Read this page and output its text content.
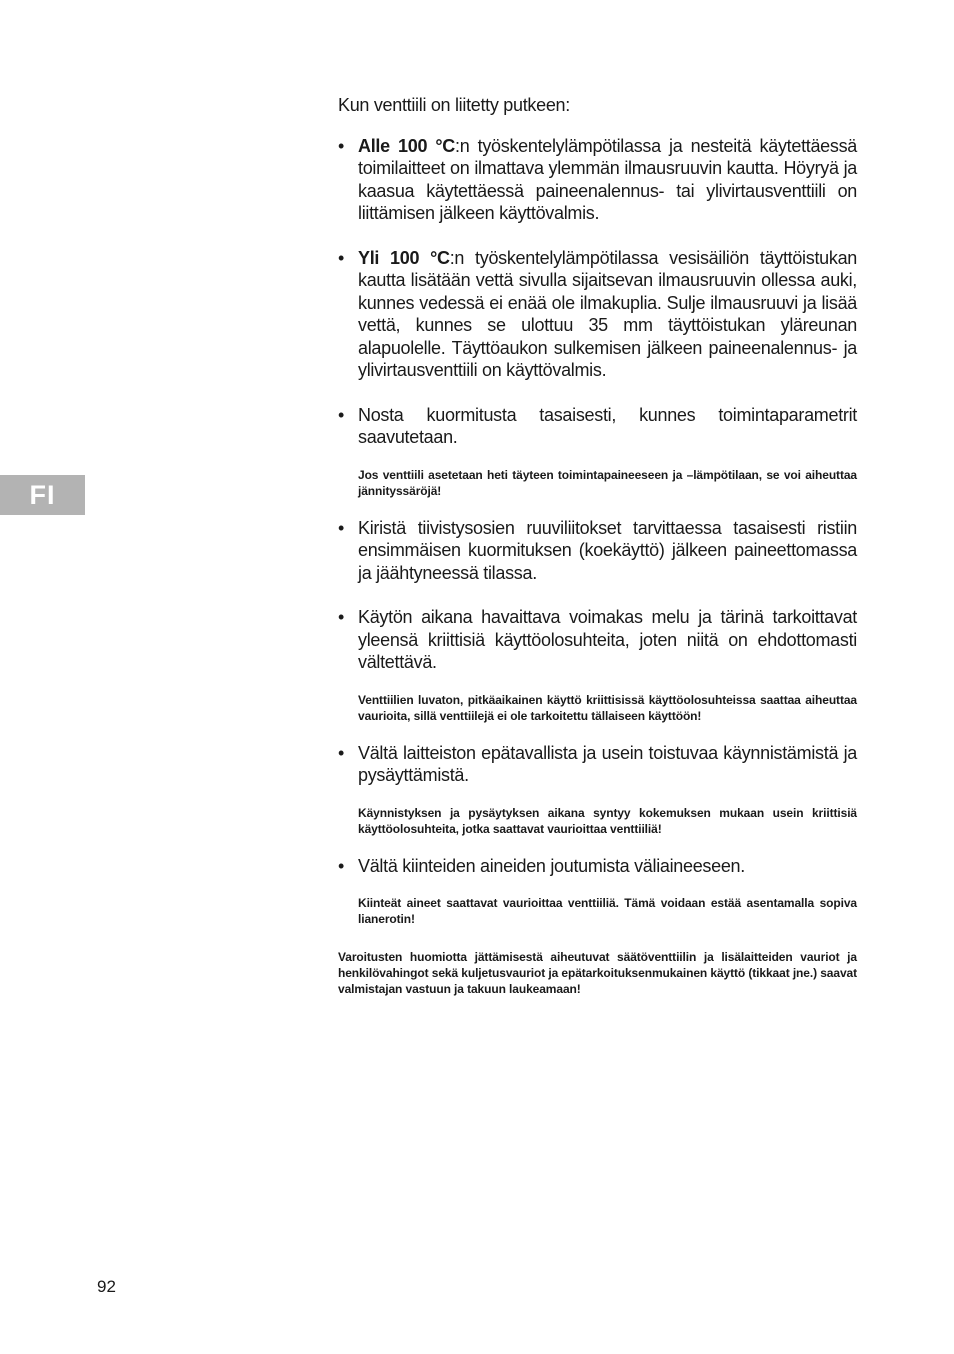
FI

Kun venttiili on liitetty putkeen:

• Alle 100 °C:n työskentelylämpötilassa ja nesteitä käytettäessä toimilaitteet on ilmattava ylemmän ilmausruuvin kautta. Höyryä ja kaasua käytettäessä paineenalennus- tai ylivirtausventtiili on liittämisen jälkeen käyttövalmis.
• Yli 100 °C:n työskentelylämpötilassa vesisäiliön täyttöistukan kautta lisätään vettä sivulla sijaitsevan ilmausruuvin ollessa auki, kunnes vedessä ei enää ole ilmakuplia. Sulje ilmausruuvi ja lisää vettä, kunnes se ulottuu 35 mm täyttöistukan yläreunan alapuolelle. Täyttöaukon sulkemisen jälkeen paineenalennus- ja ylivirtausventtiili on käyttövalmis.
• Nosta kuormitusta tasaisesti, kunnes toimintaparametrit saavutetaan.
Jos venttiili asetetaan heti täyteen toimintapaineeseen ja –lämpötilaan, se voi aiheuttaa jännityssäröjä!
• Kiristä tiivistysosien ruuviliitokset tarvittaessa tasaisesti ristiin ensimmäisen kuormituksen (koekäyttö) jälkeen paineettomassa ja jäähtyneessä tilassa.
• Käytön aikana havaittava voimakas melu ja tärinä tarkoittavat yleensä kriittisiä käyttöolosuhteita, joten niitä on ehdottomasti vältettävä.
Venttiilien luvaton, pitkäaikainen käyttö kriittisissä käyttöolosuhteissa saattaa aiheuttaa vaurioita, sillä venttiilejä ei ole tarkoitettu tällaiseen käyttöön!
• Vältä laitteiston epätavallista ja usein toistuvaa käynnistämistä ja pysäyttämistä.
Käynnistyksen ja pysäytyksen aikana syntyy kokemuksen mukaan usein kriittisiä käyttöolosuhteita, jotka saattavat vaurioittaa venttiiliä!
• Vältä kiinteiden aineiden joutumista väliaineeseen.
Kiinteät aineet saattavat vaurioittaa venttiiliä. Tämä voidaan estää asentamalla sopiva lianerotin!
Varoitusten huomiotta jättämisestä aiheutuvat säätöventtiilin ja lisälaitteiden vauriot ja henkilövahingot sekä kuljetusvauriot ja epätarkoituksenmukainen käyttö (tikkaat jne.) saavat valmistajan vastuun ja takuun laukeamaan!
92
